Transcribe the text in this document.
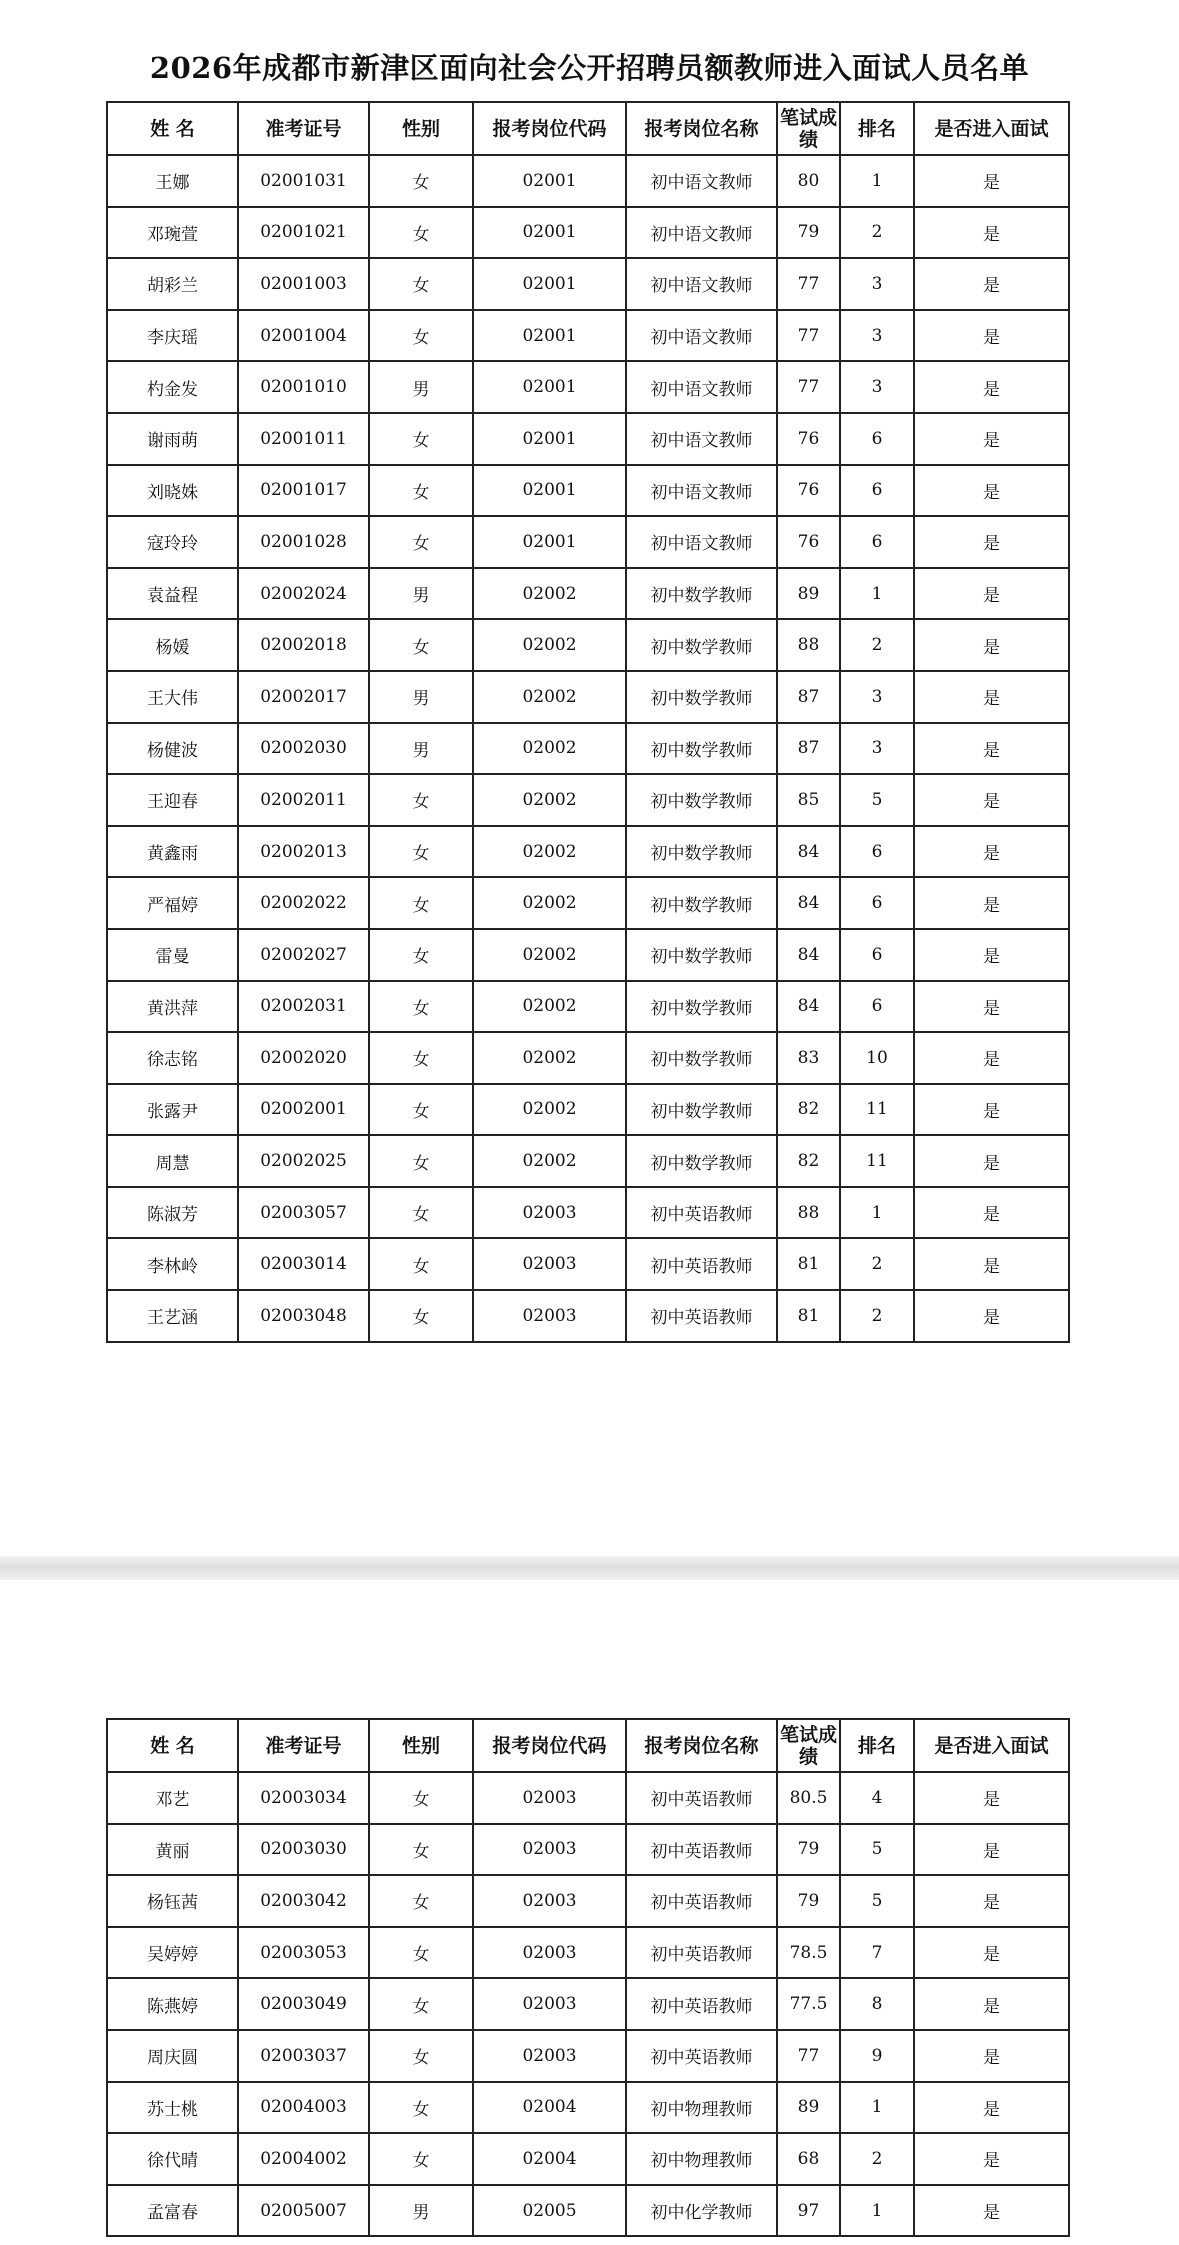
2026年成都市新津区面向社会公开招聘员额教师进入面试人员名单
姓 名	准考证号	性别	报考岗位代码	报考岗位名称	笔试成绩	排名	是否进入面试
王娜	02001031	女	02001	初中语文教师	80	1	是
邓琬萱	02001021	女	02001	初中语文教师	79	2	是
胡彩兰	02001003	女	02001	初中语文教师	77	3	是
李庆瑶	02001004	女	02001	初中语文教师	77	3	是
杓金发	02001010	男	02001	初中语文教师	77	3	是
谢雨萌	02001011	女	02001	初中语文教师	76	6	是
刘晓姝	02001017	女	02001	初中语文教师	76	6	是
寇玲玲	02001028	女	02001	初中语文教师	76	6	是
袁益程	02002024	男	02002	初中数学教师	89	1	是
杨媛	02002018	女	02002	初中数学教师	88	2	是
王大伟	02002017	男	02002	初中数学教师	87	3	是
杨健波	02002030	男	02002	初中数学教师	87	3	是
王迎春	02002011	女	02002	初中数学教师	85	5	是
黄鑫雨	02002013	女	02002	初中数学教师	84	6	是
严福婷	02002022	女	02002	初中数学教师	84	6	是
雷曼	02002027	女	02002	初中数学教师	84	6	是
黄洪萍	02002031	女	02002	初中数学教师	84	6	是
徐志铭	02002020	女	02002	初中数学教师	83	10	是
张露尹	02002001	女	02002	初中数学教师	82	11	是
周慧	02002025	女	02002	初中数学教师	82	11	是
陈淑芳	02003057	女	02003	初中英语教师	88	1	是
李林岭	02003014	女	02003	初中英语教师	81	2	是
王艺涵	02003048	女	02003	初中英语教师	81	2	是
姓 名	准考证号	性别	报考岗位代码	报考岗位名称	笔试成绩	排名	是否进入面试
邓艺	02003034	女	02003	初中英语教师	80.5	4	是
黄丽	02003030	女	02003	初中英语教师	79	5	是
杨钰茜	02003042	女	02003	初中英语教师	79	5	是
吴婷婷	02003053	女	02003	初中英语教师	78.5	7	是
陈燕婷	02003049	女	02003	初中英语教师	77.5	8	是
周庆圆	02003037	女	02003	初中英语教师	77	9	是
苏士桃	02004003	女	02004	初中物理教师	89	1	是
徐代晴	02004002	女	02004	初中物理教师	68	2	是
孟富春	02005007	男	02005	初中化学教师	97	1	是
